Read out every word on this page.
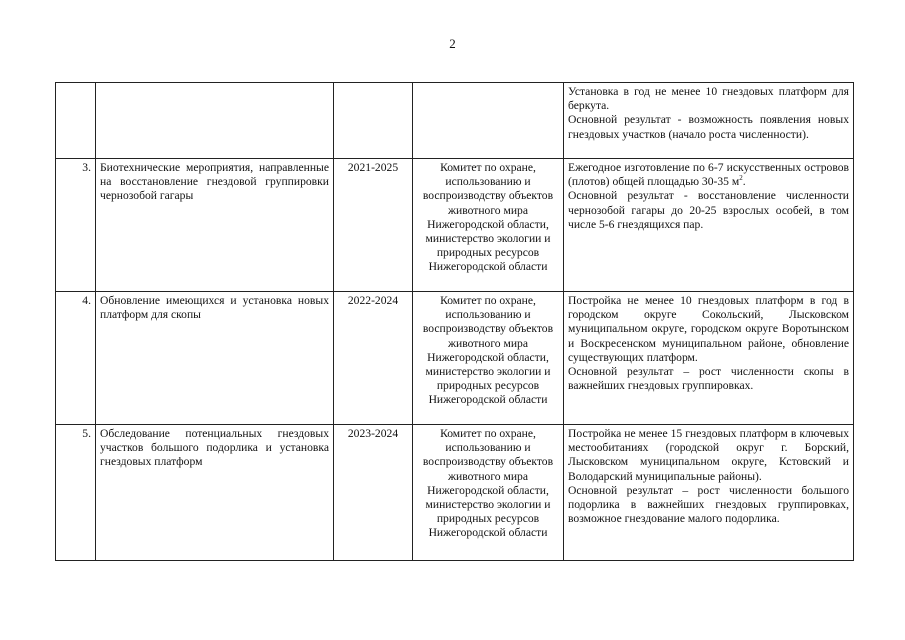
2

				Установка в год не менее 10 гнездовых платформ для беркута.
Основной результат - возможность появления новых гнездовых участков (начало роста численности).

3.	Биотехнические мероприятия, направленные на восстановление гнездовой группировки чернозобой гагары	2021-2025	Комитет по охране, использованию и воспроизводству объектов животного мира Нижегородской области, министерство экологии и природных ресурсов Нижегородской области	Ежегодное изготовление по 6-7 искусственных островов (плотов) общей площадью 30-35 $м^2$.
Основной результат - восстановление численности чернозобой гагары до 20-25 взрослых особей, в том числе 5-6 гнездящихся пар.

4.	Обновление имеющихся и установка новых платформ для скопы	2022-2024	Комитет по охране, использованию и воспроизводству объектов животного мира Нижегородской области, министерство экологии и природных ресурсов Нижегородской области	Постройка не менее 10 гнездовых платформ в год в городском округе Сокольский, Лысковском муниципальном округе, городском округе Воротынском и Воскресенском муниципальном районе, обновление существующих платформ.
Основной результат – рост численности скопы в важнейших гнездовых группировках.

5.	Обследование потенциальных гнездовых участков большого подорлика и установка гнездовых платформ	2023-2024	Комитет по охране, использованию и воспроизводству объектов животного мира Нижегородской области, министерство экологии и природных ресурсов Нижегородской области	Постройка не менее 15 гнездовых платформ в ключевых местообитаниях (городской округ г. Борский, Лысковском муниципальном округе, Кстовский и Володарский муниципальные районы).
Основной результат – рост численности большого подорлика в важнейших гнездовых группировках, возможное гнездование малого подорлика.
